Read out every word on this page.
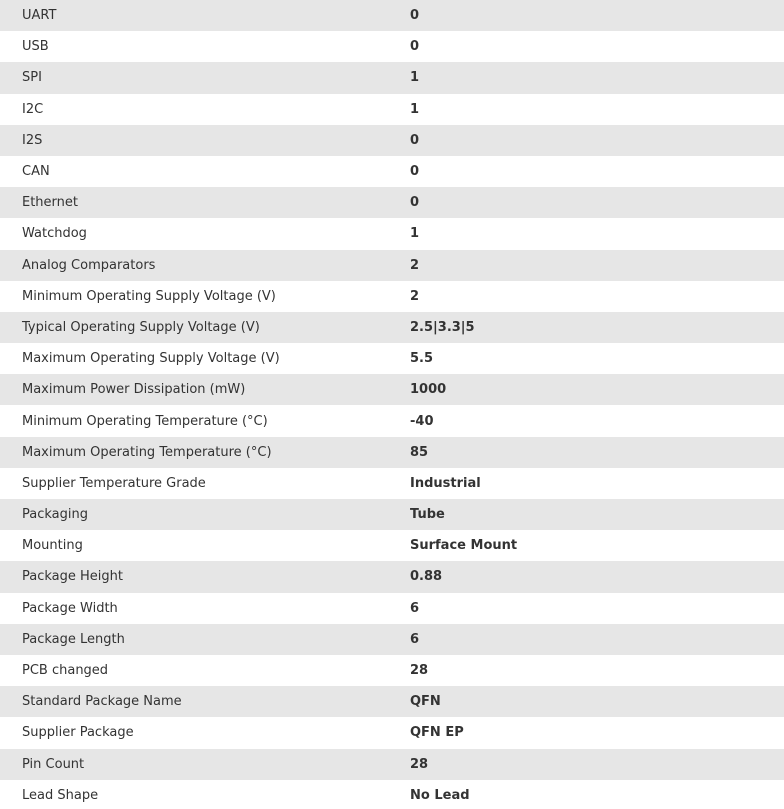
UART	0
USB	0
SPI	1
I2C	1
I2S	0
CAN	0
Ethernet	0
Watchdog	1
Analog Comparators	2
Minimum Operating Supply Voltage (V)	2
Typical Operating Supply Voltage (V)	2.5|3.3|5
Maximum Operating Supply Voltage (V)	5.5
Maximum Power Dissipation (mW)	1000
Minimum Operating Temperature (°C)	-40
Maximum Operating Temperature (°C)	85
Supplier Temperature Grade	Industrial
Packaging	Tube
Mounting	Surface Mount
Package Height	0.88
Package Width	6
Package Length	6
PCB changed	28
Standard Package Name	QFN
Supplier Package	QFN EP
Pin Count	28
Lead Shape	No Lead
